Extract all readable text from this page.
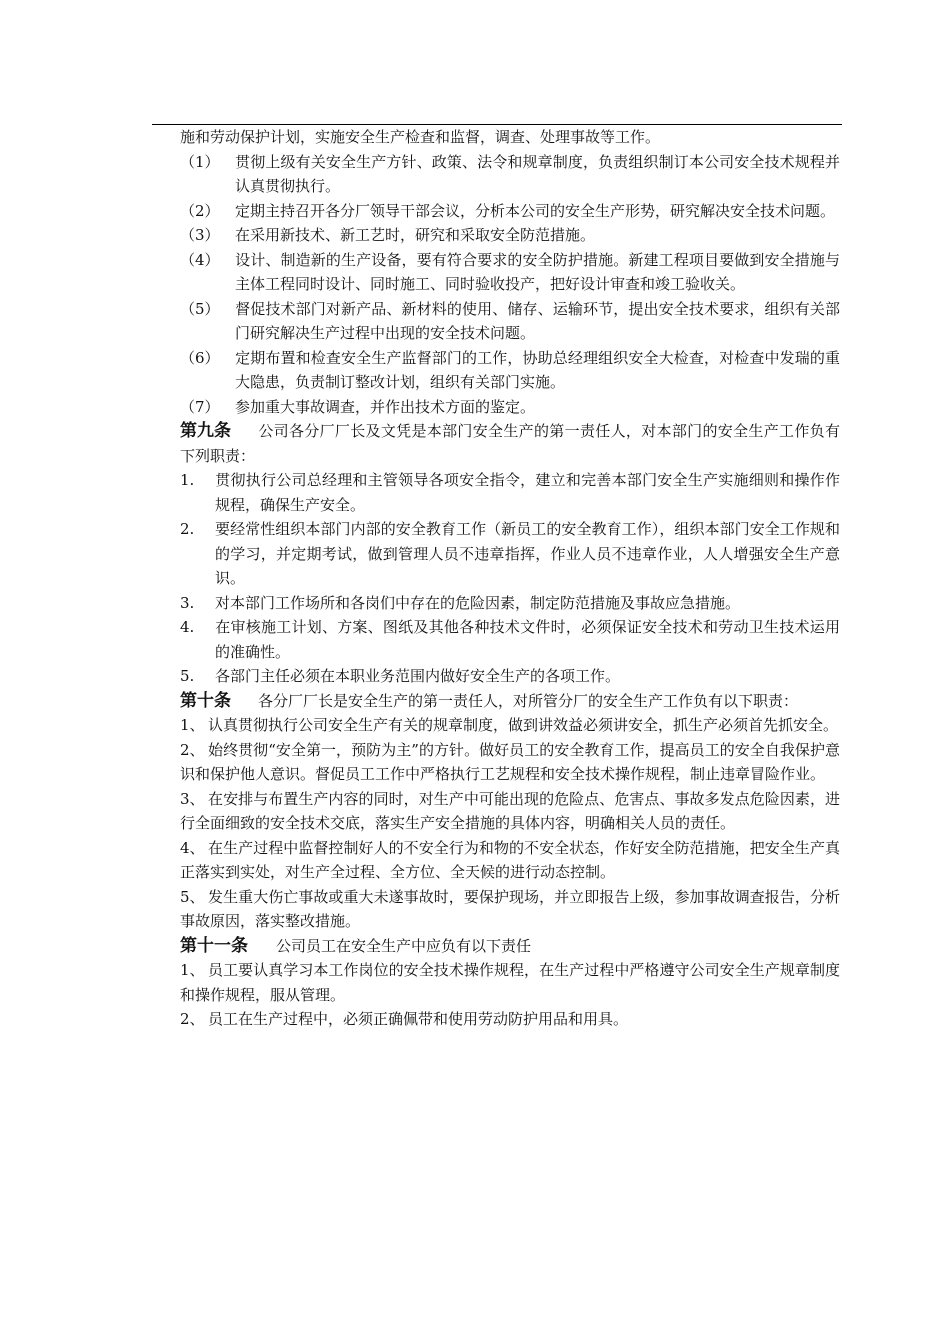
施和劳动保护计划，实施安全生产检查和监督，调查、处理事故等工作。

（1） 贯彻上级有关安全生产方针、政策、法令和规章制度，负责组织制订本公司安全技术规程并认真贯彻执行。

（2） 定期主持召开各分厂领导干部会议，分析本公司的安全生产形势，研究解决安全技术问题。

（3） 在采用新技术、新工艺时，研究和采取安全防范措施。

（4） 设计、制造新的生产设备，要有符合要求的安全防护措施。新建工程项目要做到安全措施与主体工程同时设计、同时施工、同时验收投产，把好设计审查和竣工验收关。

（5） 督促技术部门对新产品、新材料的使用、储存、运输环节，提出安全技术要求，组织有关部门研究解决生产过程中出现的安全技术问题。

（6） 定期布置和检查安全生产监督部门的工作，协助总经理组织安全大检查，对检查中发瑞的重大隐患，负责制订整改计划，组织有关部门实施。

（7） 参加重大事故调查，并作出技术方面的鉴定。

第九条 公司各分厂厂长及文凭是本部门安全生产的第一责任人，对本部门的安全生产工作负有下列职责：

1. 贯彻执行公司总经理和主管领导各项安全指令，建立和完善本部门安全生产实施细则和操作作规程，确保生产安全。

2. 要经常性组织本部门内部的安全教育工作（新员工的安全教育工作），组织本部门安全工作规和的学习，并定期考试，做到管理人员不违章指挥，作业人员不违章作业，人人增强安全生产意识。

3. 对本部门工作场所和各岗们中存在的危险因素，制定防范措施及事故应急措施。

4. 在审核施工计划、方案、图纸及其他各种技术文件时，必须保证安全技术和劳动卫生技术运用的准确性。

5. 各部门主任必须在本职业务范围内做好安全生产的各项工作。

第十条 各分厂厂长是安全生产的第一责任人，对所管分厂的安全生产工作负有以下职责：

1、 认真贯彻执行公司安全生产有关的规章制度，做到讲效益必须讲安全，抓生产必须首先抓安全。

2、 始终贯彻“安全第一，预防为主”的方针。做好员工的安全教育工作，提高员工的安全自我保护意识和保护他人意识。督促员工工作中严格执行工艺规程和安全技术操作规程，制止违章冒险作业。

3、 在安排与布置生产内容的同时，对生产中可能出现的危险点、危害点、事故多发点危险因素，进行全面细致的安全技术交底，落实生产安全措施的具体内容，明确相关人员的责任。

4、 在生产过程中监督控制好人的不安全行为和物的不安全状态，作好安全防范措施，把安全生产真正落实到实处，对生产全过程、全方位、全天候的进行动态控制。

5、 发生重大伤亡事故或重大未遂事故时，要保护现场，并立即报告上级，参加事故调查报告，分析事故原因，落实整改措施。

第十一条 公司员工在安全生产中应负有以下责任

1、 员工要认真学习本工作岗位的安全技术操作规程，在生产过程中严格遵守公司安全生产规章制度和操作规程，服从管理。

2、 员工在生产过程中，必须正确佩带和使用劳动防护用品和用具。
